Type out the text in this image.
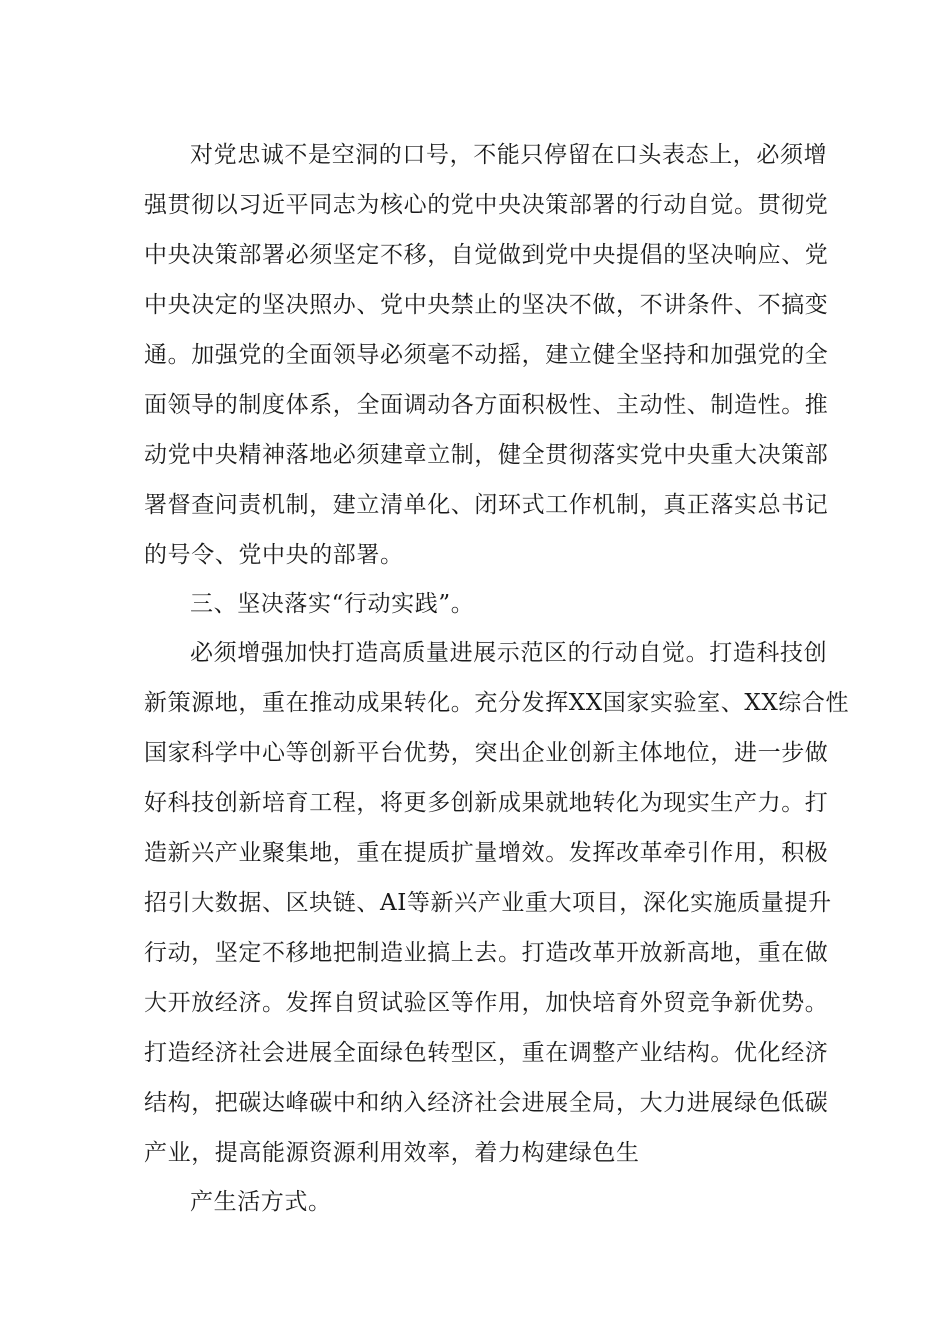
对党忠诚不是空洞的口号，不能只停留在口头表态上，必须增
强贯彻以习近平同志为核心的党中央决策部署的行动自觉。贯彻党
中央决策部署必须坚定不移，自觉做到党中央提倡的坚决响应、党
中央决定的坚决照办、党中央禁止的坚决不做，不讲条件、不搞变
通。加强党的全面领导必须毫不动摇，建立健全坚持和加强党的全
面领导的制度体系，全面调动各方面积极性、主动性、制造性。推
动党中央精神落地必须建章立制，健全贯彻落实党中央重大决策部
署督查问责机制，建立清单化、闭环式工作机制，真正落实总书记
的号令、党中央的部署。
三、坚决落实“行动实践”。
必须增强加快打造高质量进展示范区的行动自觉。打造科技创
新策源地，重在推动成果转化。充分发挥XX国家实验室、XX综合性
国家科学中心等创新平台优势，突出企业创新主体地位，进一步做
好科技创新培育工程，将更多创新成果就地转化为现实生产力。打
造新兴产业聚集地，重在提质扩量增效。发挥改革牵引作用，积极
招引大数据、区块链、AI等新兴产业重大项目，深化实施质量提升
行动，坚定不移地把制造业搞上去。打造改革开放新高地，重在做
大开放经济。发挥自贸试验区等作用，加快培育外贸竞争新优势。
打造经济社会进展全面绿色转型区，重在调整产业结构。优化经济
结构，把碳达峰碳中和纳入经济社会进展全局，大力进展绿色低碳
产业，提高能源资源利用效率，着力构建绿色生
产生活方式。
